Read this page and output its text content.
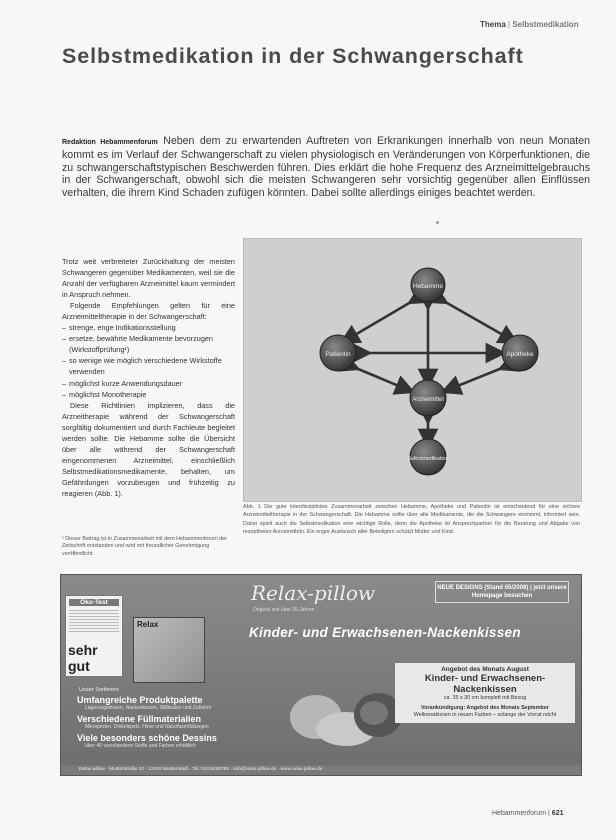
Thema | Selbstmedikation
Selbstmedikation in der Schwangerschaft
Redaktion Hebammenforum Neben dem zu erwartenden Auftreten von Erkrankungen innerhalb von neun Monaten kommt es im Verlauf der Schwangerschaft zu vielen physiologisch en Veränderungen von Körperfunktionen, die zu schwangerschaftstypischen Beschwerden führen. Dies erklärt die hohe Frequenz des Arzneimittelgebrauchs in der Schwangerschaft, obwohl sich die meisten Schwangeren sehr vorsichtig gegenüber allen Einflüssen verhalten, die ihrem Kind Schaden zufügen könnten. Dabei sollte allerdings einiges beachtet werden.
▪

Trotz weit verbreiteter Zurückhaltung der meisten Schwangeren gegenüber Medikamenten, weil sie die Anzahl der verfügbaren Arzneimittel kaum vermindert in Anspruch nehmen.

Folgende Empfehlungen gelten für eine Arzneimitteltherapie in der Schwangerschaft:

– strenge, enge Indikationsstellung
– ersetze, bewährte Medikamente bevorzugen (Wirkstoffprüfung¹)
– so wenige wie möglich verschiedene Wirkstoffe verwenden
– möglichst kurze Anwendungsdauer
– möglichst Monotherapie

Diese Richtlinien implizieren, dass die Arzneitherapie während der Schwangerschaft sorgfältig dokumentiert und durch Fachleute begleitet werden sollte. Die Hebamme sollte die Übersicht über alle während der Schwangerschaft eingenommenen Arzneimittel, einschließlich Selbstmedikationsmedikamente, behalten, um Gefährdungen vorzubeugen und frühzeitig zu reagieren (Abb. 1).

¹ Dieser Beitrag ist in Zusammenarbeit mit dem Hebammenforum der Zeitschrift entstanden und wird mit freundlicher Genehmigung veröffentlicht.
Hebamme
Patientin	Apotheke
Arzneimittel
Selbstmedikation
Abb. 1 Die gute interdisziplinäre Zusammenarbeit zwischen Hebamme, Apotheke und Patientin ist entscheidend für eine sichere Arzneimitteltherapie in der Schwangerschaft. Die Hebamme sollte über alle Medikamente, die die Schwangere einnimmt, informiert sein. Dabei spielt auch die Selbstmedikation eine wichtige Rolle, denn die Apotheke ist Ansprechpartner für die Beratung und Abgabe von rezeptfreien Arzneimitteln. Ein enger Austausch aller Beteiligten schützt Mutter und Kind.
Öko-Test
sehr gut
Relax
Relax-pillow
Original seit über 20 Jahren
NEUE DESIGNS (Stand 05/2008) | jetzt unsere Homepage besuchen
Kinder- und Erwachsenen-Nackenkissen
Unser Sortiment
Umfangreiche Produktpalette
Lagerungskissen, Nackenkissen, Stillkissen und Zubehör
Verschiedene Füllmaterialien
Mikroperlen, Dinkelspelz, Hirse und Naturfaserfüllungen
Viele besonders schöne Dessins
über 40 verschiedene Stoffe und Farben erhältlich
Angebot des Monats August
Kinder- und Erwachsenen-Nackenkissen
ca. 35 x 30 cm komplett mit Bezug
Vorankündigung: Angebot des Monats September
Wellnesskissen in neuen Farben – solange der Vorrat reicht
Relax-pillow · Musterstraße 12 · 12345 Musterstadt · Tel. 01234/56789 · info@relax-pillow.de · www.relax-pillow.de
Hebammenforum | 621
